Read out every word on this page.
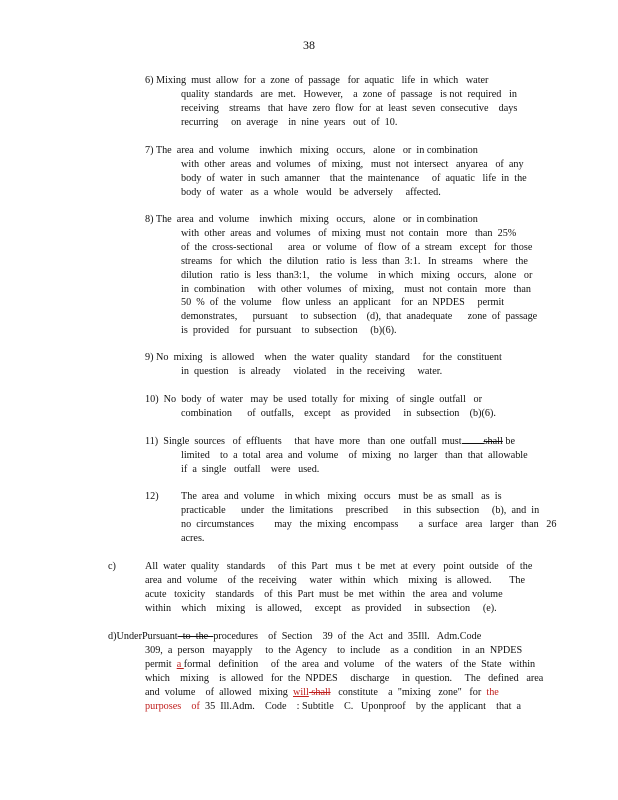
38
6) Mixing  must  allow  for  a  zone  of  passage   for  aquatic   life  in  which   water
quality  standards   are  met.   However,    a  zone  of  passage   is not  required   in
receiving    streams   that  have  zero  flow  for  at  least  seven  consecutive    days
recurring     on  average    in  nine  years   out  of  10.
7) The  area  and  volume    inwhich   mixing   occurs,   alone   or  in combination
with  other  areas  and  volumes   of  mixing,   must  not  intersect   anyarea   of  any
body  of  water  in  such  amanner    that  the  maintenance     of  aquatic   life  in  the
body  of  water   as  a  whole   would   be  adversely     affected.
8) The  area  and  volume    inwhich   mixing   occurs,   alone   or  in combination
with  other  areas  and  volumes   of  mixing  must  not  contain   more   than  25%
of  the  cross-sectional      area   or  volume   of  flow  of  a  stream   except   for  those
streams   for  which   the  dilution   ratio  is  less  than  3:1.   In  streams    where   the
dilution   ratio  is  less  than3:1,    the  volume    in which   mixing   occurs,   alone   or
in  combination     with  other  volumes   of  mixing,    must  not  contain   more   than
50  %  of  the  volume    flow  unless   an  applicant    for  an  NPDES     permit
demonstrates,      pursuant     to  subsection    (d),  that  anadequate      zone  of  passage
is  provided    for  pursuant    to  subsection     (b)(6).
9) No  mixing   is  allowed    when   the  water  quality   standard     for  the  constituent
in  question    is  already     violated    in  the  receiving     water.
10)  No  body  of  water   may  be  used  totally  for  mixing   of  single  outfall   or
combination      of  outfalls,    except    as  provided     in  subsection    (b)(6).
11)  Single  sources   of  effluents     that  have  more   than  one  outfall  must shall be
limited    to  a  total  area  and  volume    of  mixing   no  larger   than  that  allowable
if  a  single   outfall    were   used.
12) The  area  and  volume    in which   mixing   occurs   must  be  as  small   as  is
practicable      under   the  limitations     prescribed      in  this  subsection     (b),  and  in
no  circumstances        may   the  mixing   encompass        a  surface   area   larger   than   26
acres.
c)	All  water  quality   standards     of  this  Part   mus  t  be  met  at  every   point  outside   of  the
area  and  volume    of  the  receiving     water   within   which    mixing   is  allowed.       The
acute   toxicity    standards    of  this  Part  must  be  met  within   the  area  and  volume
within    which    mixing    is  allowed,     except    as  provided     in  subsection     (e).
d)UnderPursuant  to  the  procedures    of  Section    39  of  the  Act  and  35Ill.   Adm.Code
309,  a  person   mayapply     to  the  Agency    to  include    as  a  condition    in  an  NPDES
permit  a formal   definition     of  the  area  and  volume    of  the  waters   of  the  State   within
which    mixing    is  allowed   for  the  NPDES     discharge     in  question.     The   defined   area
and  volume    of  allowed   mixing  will shall   constitute    a  "mixing   zone"   for  the
purposes    of  35  Ill.Adm.    Code    : Subtitle    C.   Uponproof    by  the  applicant    that  a
